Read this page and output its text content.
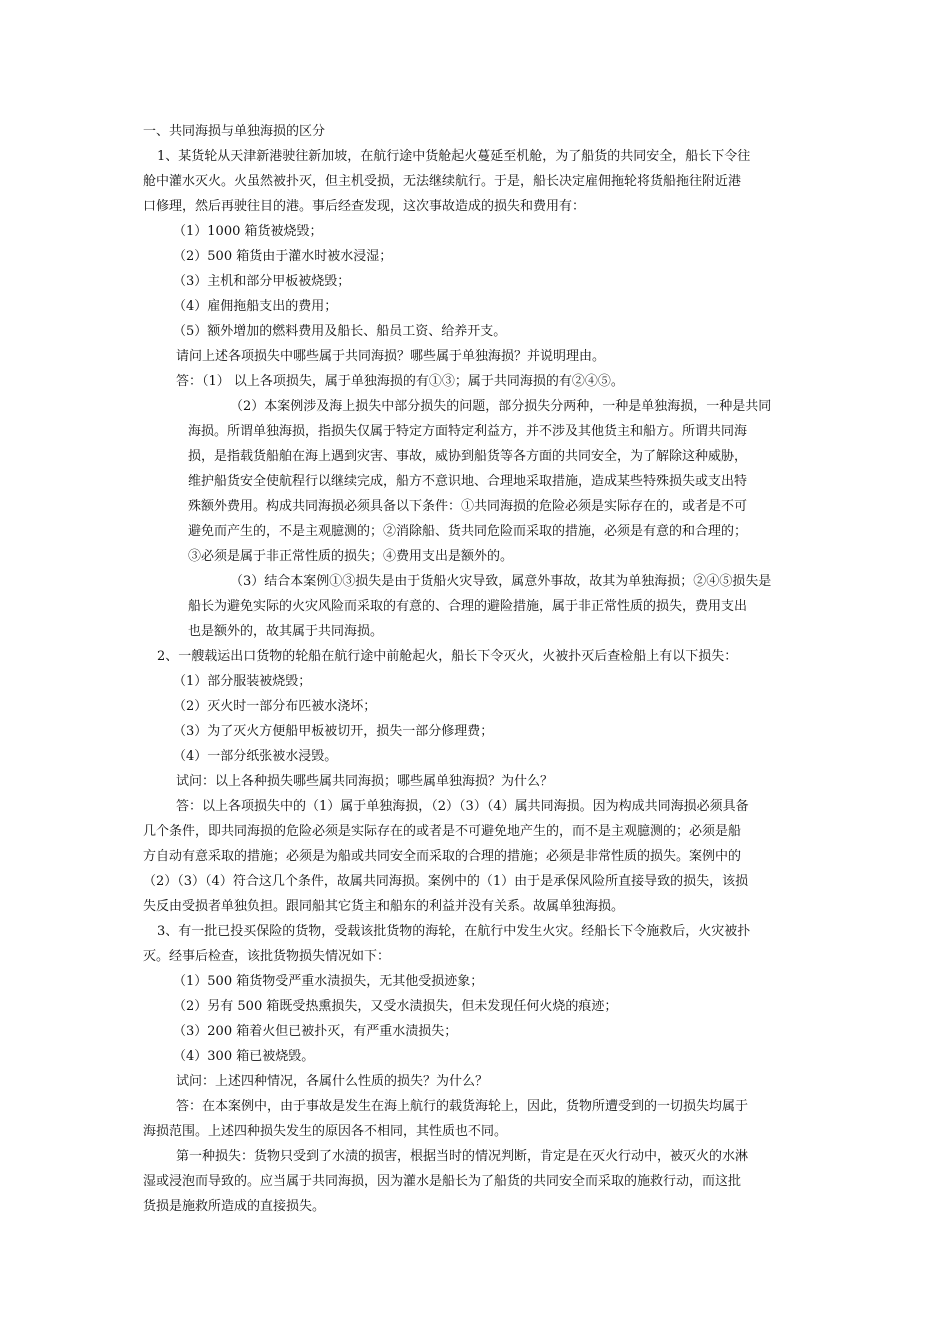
一、共同海损与单独海损的区分
1、某货轮从天津新港驶往新加坡，在航行途中货舱起火蔓延至机舱，为了船货的共同安全，船长下令往
舱中灌水灭火。火虽然被扑灭，但主机受损，无法继续航行。于是，船长决定雇佣拖轮将货船拖往附近港
口修理，然后再驶往目的港。事后经查发现，这次事故造成的损失和费用有：
（1）1000 箱货被烧毁；
（2）500 箱货由于灌水时被水浸湿；
（3）主机和部分甲板被烧毁；
（4）雇佣拖船支出的费用；
（5）额外增加的燃料费用及船长、船员工资、给养开支。
请问上述各项损失中哪些属于共同海损？哪些属于单独海损？并说明理由。
答：（1） 以上各项损失，属于单独海损的有①③；属于共同海损的有②④⑤。
（2）本案例涉及海上损失中部分损失的问题，部分损失分两种，一种是单独海损，一种是共同
海损。所谓单独海损，指损失仅属于特定方面特定利益方，并不涉及其他货主和船方。所谓共同海
损，是指载货船舶在海上遇到灾害、事故，威协到船货等各方面的共同安全，为了解除这种威胁，
维护船货安全使航程行以继续完成，船方不意识地、合理地采取措施，造成某些特殊损失或支出特
殊额外费用。构成共同海损必须具备以下条件：①共同海损的危险必须是实际存在的，或者是不可
避免而产生的，不是主观臆测的；②消除船、货共同危险而采取的措施，必须是有意的和合理的；
③必须是属于非正常性质的损失；④费用支出是额外的。
（3）结合本案例①③损失是由于货船火灾导致，属意外事故，故其为单独海损；②④⑤损失是
船长为避免实际的火灾风险而采取的有意的、合理的避险措施，属于非正常性质的损失，费用支出
也是额外的，故其属于共同海损。
2、一艘载运出口货物的轮船在航行途中前舱起火，船长下令灭火，火被扑灭后查检船上有以下损失：
（1）部分服装被烧毁；
（2）灭火时一部分布匹被水浇坏；
（3）为了灭火方便船甲板被切开，损失一部分修理费；
（4）一部分纸张被水浸毁。
试问：以上各种损失哪些属共同海损；哪些属单独海损？为什么？
答：以上各项损失中的（1）属于单独海损，（2）（3）（4）属共同海损。因为构成共同海损必须具备
几个条件，即共同海损的危险必须是实际存在的或者是不可避免地产生的，而不是主观臆测的；必须是船
方自动有意采取的措施；必须是为船或共同安全而采取的合理的措施；必须是非常性质的损失。案例中的
（2）（3）（4）符合这几个条件，故属共同海损。案例中的（1）由于是承保风险所直接导致的损失，该损
失反由受损者单独负担。跟同船其它货主和船东的利益并没有关系。故属单独海损。
3、有一批已投买保险的货物，受载该批货物的海轮，在航行中发生火灾。经船长下令施救后，火灾被扑
灭。经事后检查，该批货物损失情况如下：
（1）500 箱货物受严重水渍损失，无其他受损迹象；
（2）另有 500 箱既受热熏损失，又受水渍损失，但未发现任何火烧的痕迹；
（3）200 箱着火但已被扑灭，有严重水渍损失；
（4）300 箱已被烧毁。
试问：上述四种情况，各属什么性质的损失？为什么？
答：在本案例中，由于事故是发生在海上航行的载货海轮上，因此，货物所遭受到的一切损失均属于
海损范围。上述四种损失发生的原因各不相同，其性质也不同。
第一种损失：货物只受到了水渍的损害，根据当时的情况判断，肯定是在灭火行动中，被灭火的水淋
湿或浸泡而导致的。应当属于共同海损，因为灌水是船长为了船货的共同安全而采取的施救行动，而这批
货损是施救所造成的直接损失。
